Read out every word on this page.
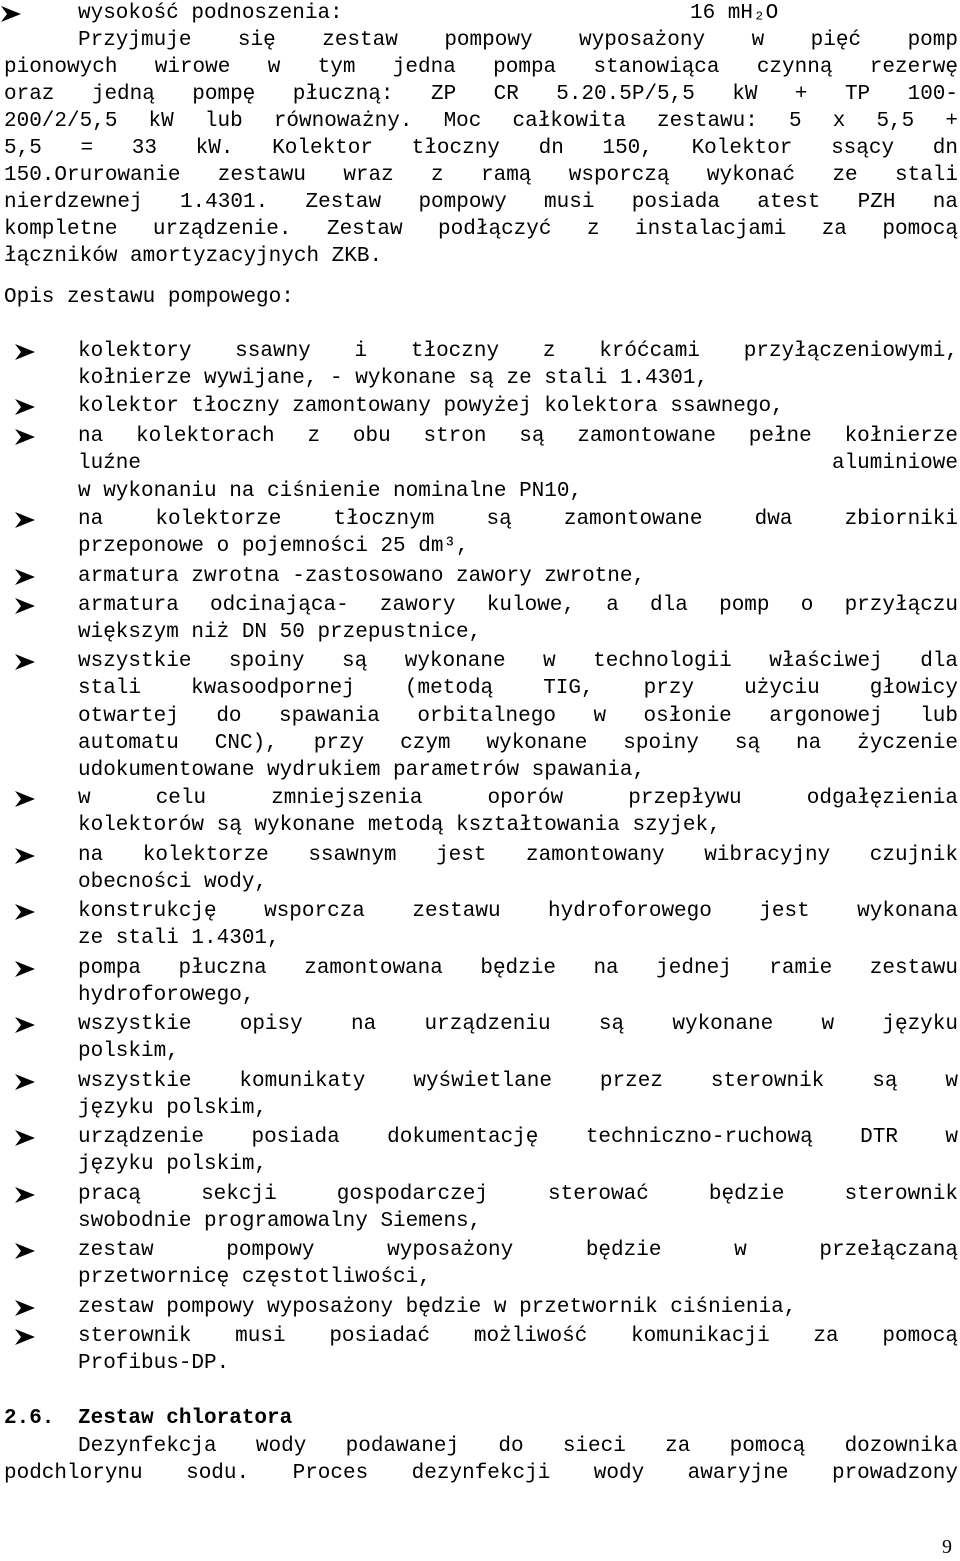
wysokość podnoszenia:	16 mH₂O
Przyjmuje się zestaw pompowy wyposażony w pięć pomp
pionowych wirowe w tym jedna pompa stanowiąca czynną rezerwę
oraz jedną pompę płuczną: ZP CR 5.20.5P/5,5 kW + TP 100-
200/2/5,5 kW lub równoważny. Moc całkowita zestawu: 5 x 5,5 +
5,5 = 33 kW. Kolektor tłoczny dn 150, Kolektor ssący dn
150.Orurowanie zestawu wraz z ramą wsporczą wykonać ze stali
nierdzewnej 1.4301. Zestaw pompowy musi posiada atest PZH na
kompletne urządzenie. Zestaw podłączyć z instalacjami za pomocą
łączników amortyzacyjnych ZKB.
Opis zestawu pompowego:
kolektory ssawny i tłoczny z króćcami przyłączeniowymi,
kołnierze wywijane, - wykonane są ze stali 1.4301,
kolektor tłoczny zamontowany powyżej kolektora ssawnego,
na kolektorach z obu stron są zamontowane pełne kołnierze
luźne aluminiowe
w wykonaniu na ciśnienie nominalne PN10,
na kolektorze tłocznym są zamontowane dwa zbiorniki
przeponowe o pojemności 25 dm³,
armatura zwrotna -zastosowano zawory zwrotne,
armatura odcinająca- zawory kulowe, a dla pomp o przyłączu
większym niż DN 50 przepustnice,
wszystkie spoiny są wykonane w technologii właściwej dla
stali kwasoodpornej (metodą TIG, przy użyciu głowicy
otwartej do spawania orbitalnego w osłonie argonowej lub
automatu CNC), przy czym wykonane spoiny są na życzenie
udokumentowane wydrukiem parametrów spawania,
w celu zmniejszenia oporów przepływu odgałęzienia
kolektorów są wykonane metodą kształtowania szyjek,
na kolektorze ssawnym jest zamontowany wibracyjny czujnik
obecności wody,
konstrukcję wsporcza zestawu hydroforowego jest wykonana
ze stali 1.4301,
pompa płuczna zamontowana będzie na jednej ramie zestawu
hydroforowego,
wszystkie opisy na urządzeniu są wykonane w języku
polskim,
wszystkie komunikaty wyświetlane przez sterownik są w
języku polskim,
urządzenie posiada dokumentację techniczno-ruchową DTR w
języku polskim,
pracą sekcji gospodarczej sterować będzie sterownik
swobodnie programowalny Siemens,
zestaw pompowy wyposażony będzie w przełączaną
przetwornicę częstotliwości,
zestaw pompowy wyposażony będzie w przetwornik ciśnienia,
sterownik musi posiadać możliwość komunikacji za pomocą
Profibus-DP.
2.6. Zestaw chloratora
Dezynfekcja wody podawanej do sieci za pomocą dozownika
podchlorynu sodu. Proces dezynfekcji wody awaryjne prowadzony
9
